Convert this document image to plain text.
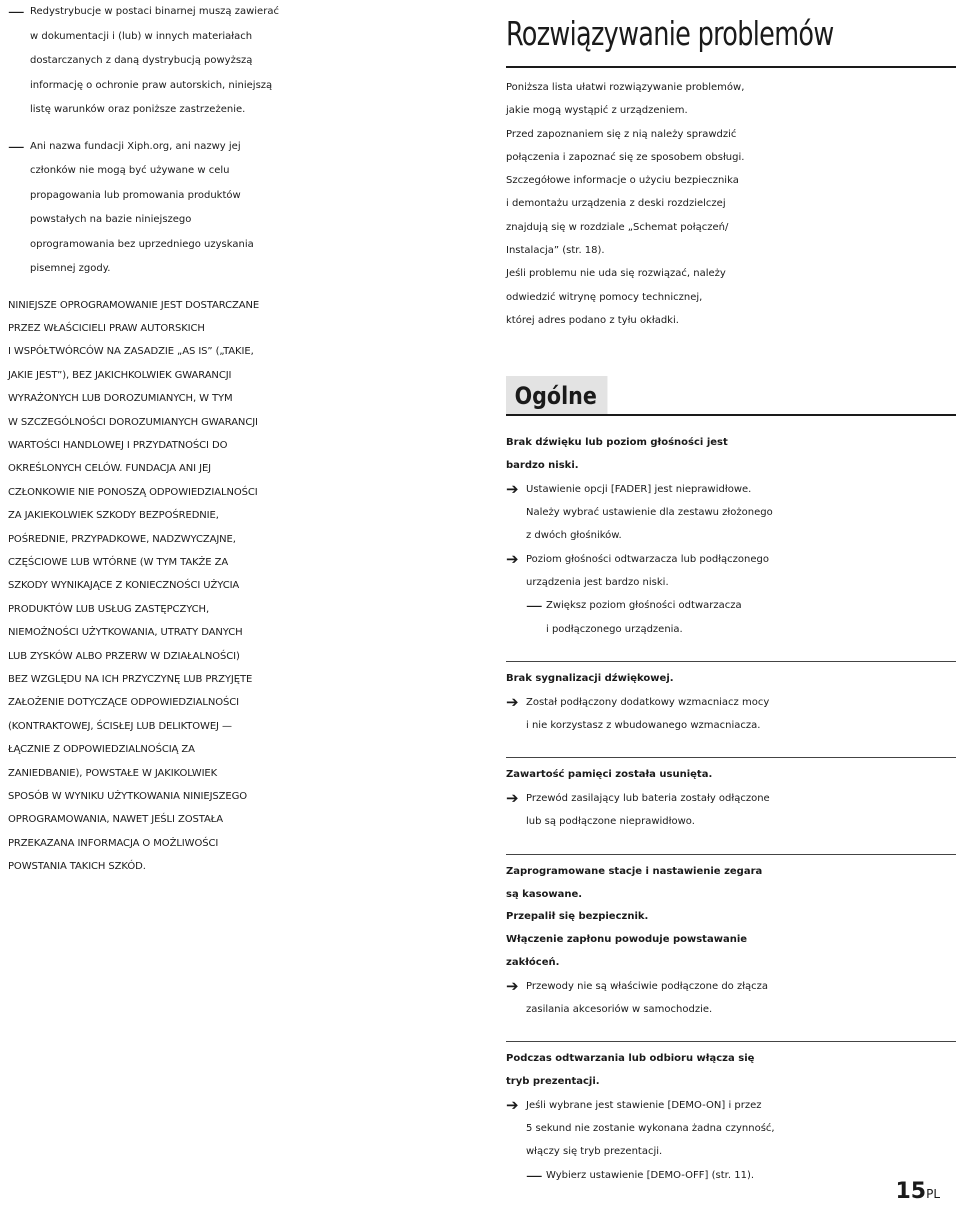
— Redystrybucje w postaci binarnej muszą zawierać
w dokumentacji i (lub) w innych materiałach
dostarczanych z daną dystrybucją powyższą
informację o ochronie praw autorskich, niniejszą
listę warunków oraz poniższe zastrzeżenie.
— Ani nazwa fundacji Xiph.org, ani nazwy jej
członków nie mogą być używane w celu
propagowania lub promowania produktów
powstałych na bazie niniejszego
oprogramowania bez uprzedniego uzyskania
pisemnej zgody.
NINIEJSZE OPROGRAMOWANIE JEST DOSTARCZANE
PRZEZ WŁAŚCICIELI PRAW AUTORSKICH
I WSPÓŁTWÓRCÓW NA ZASADZIE „AS IS” („TAKIE,
JAKIE JEST”), BEZ JAKICHKOLWIEK GWARANCJI
WYRAŻONYCH LUB DOROZUMIANYCH, W TYM
W SZCZEGÓLNOŚCI DOROZUMIANYCH GWARANCJI
WARTOŚCI HANDLOWEJ I PRZYDATNOŚCI DO
OKREŚLONYCH CELÓW. FUNDACJA ANI JEJ
CZŁONKOWIE NIE PONOSZĄ ODPOWIEDZIALNOŚCI
ZA JAKIEKOLWIEK SZKODY BEZPOŚREDNIE,
POŚREDNIE, PRZYPADKOWE, NADZWYCZAJNE,
CZĘŚCIOWE LUB WTÓRNE (W TYM TAKŻE ZA
SZKODY WYNIKAJĄCE Z KONIECZNOŚCI UŻYCIA
PRODUKTÓW LUB USŁUG ZASTĘPCZYCH,
NIEMOŻNOŚCI UŻYTKOWANIA, UTRATY DANYCH
LUB ZYSKÓW ALBO PRZERW W DZIAŁALNOŚCI)
BEZ WZGLĘDU NA ICH PRZYCZYNĘ LUB PRZYJĘTE
ZAŁOŻENIE DOTYCZĄCE ODPOWIEDZIALNOŚCI
(KONTRAKTOWEJ, ŚCISŁEJ LUB DELIKTOWEJ —
ŁĄCZNIE Z ODPOWIEDZIALNOŚCIĄ ZA
ZANIEDBANIE), POWSTAŁE W JAKIKOLWIEK
SPOSÓB W WYNIKU UŻYTKOWANIA NINIEJSZEGO
OPROGRAMOWANIA, NAWET JEŚLI ZOSTAŁA
PRZEKAZANA INFORMACJA O MOŻLIWOŚCI
POWSTANIA TAKICH SZKÓD.
Rozwiązywanie problemów
Poniższa lista ułatwi rozwiązywanie problemów,
jakie mogą wystąpić z urządzeniem.
Przed zapoznaniem się z nią należy sprawdzić
połączenia i zapoznać się ze sposobem obsługi.
Szczegółowe informacje o użyciu bezpiecznika
i demontażu urządzenia z deski rozdzielczej
znajdują się w rozdziale „Schemat połączeń/
Instalacja” (str. 18).
Jeśli problemu nie uda się rozwiązać, należy
odwiedzić witrynę pomocy technicznej,
której adres podano z tyłu okładki.
Ogólne
Brak dźwięku lub poziom głośności jest
bardzo niski.
➔ Ustawienie opcji [FADER] jest nieprawidłowe.
Należy wybrać ustawienie dla zestawu złożonego
z dwóch głośników.
➔ Poziom głośności odtwarzacza lub podłączonego
urządzenia jest bardzo niski.
— Zwiększ poziom głośności odtwarzacza
i podłączonego urządzenia.
Brak sygnalizacji dźwiękowej.
➔ Został podłączony dodatkowy wzmacniacz mocy
i nie korzystasz z wbudowanego wzmacniacza.
Zawartość pamięci została usunięta.
➔ Przewód zasilający lub bateria zostały odłączone
lub są podłączone nieprawidłowo.
Zaprogramowane stacje i nastawienie zegara
są kasowane.
Przepalił się bezpiecznik.
Włączenie zapłonu powoduje powstawanie
zakłóceń.
➔ Przewody nie są właściwie podłączone do złącza
zasilania akcesoriów w samochodzie.
Podczas odtwarzania lub odbioru włącza się
tryb prezentacji.
➔ Jeśli wybrane jest stawienie [DEMO-ON] i przez
5 sekund nie zostanie wykonana żadna czynność,
włączy się tryb prezentacji.
— Wybierz ustawienie [DEMO-OFF] (str. 11).
15PL
